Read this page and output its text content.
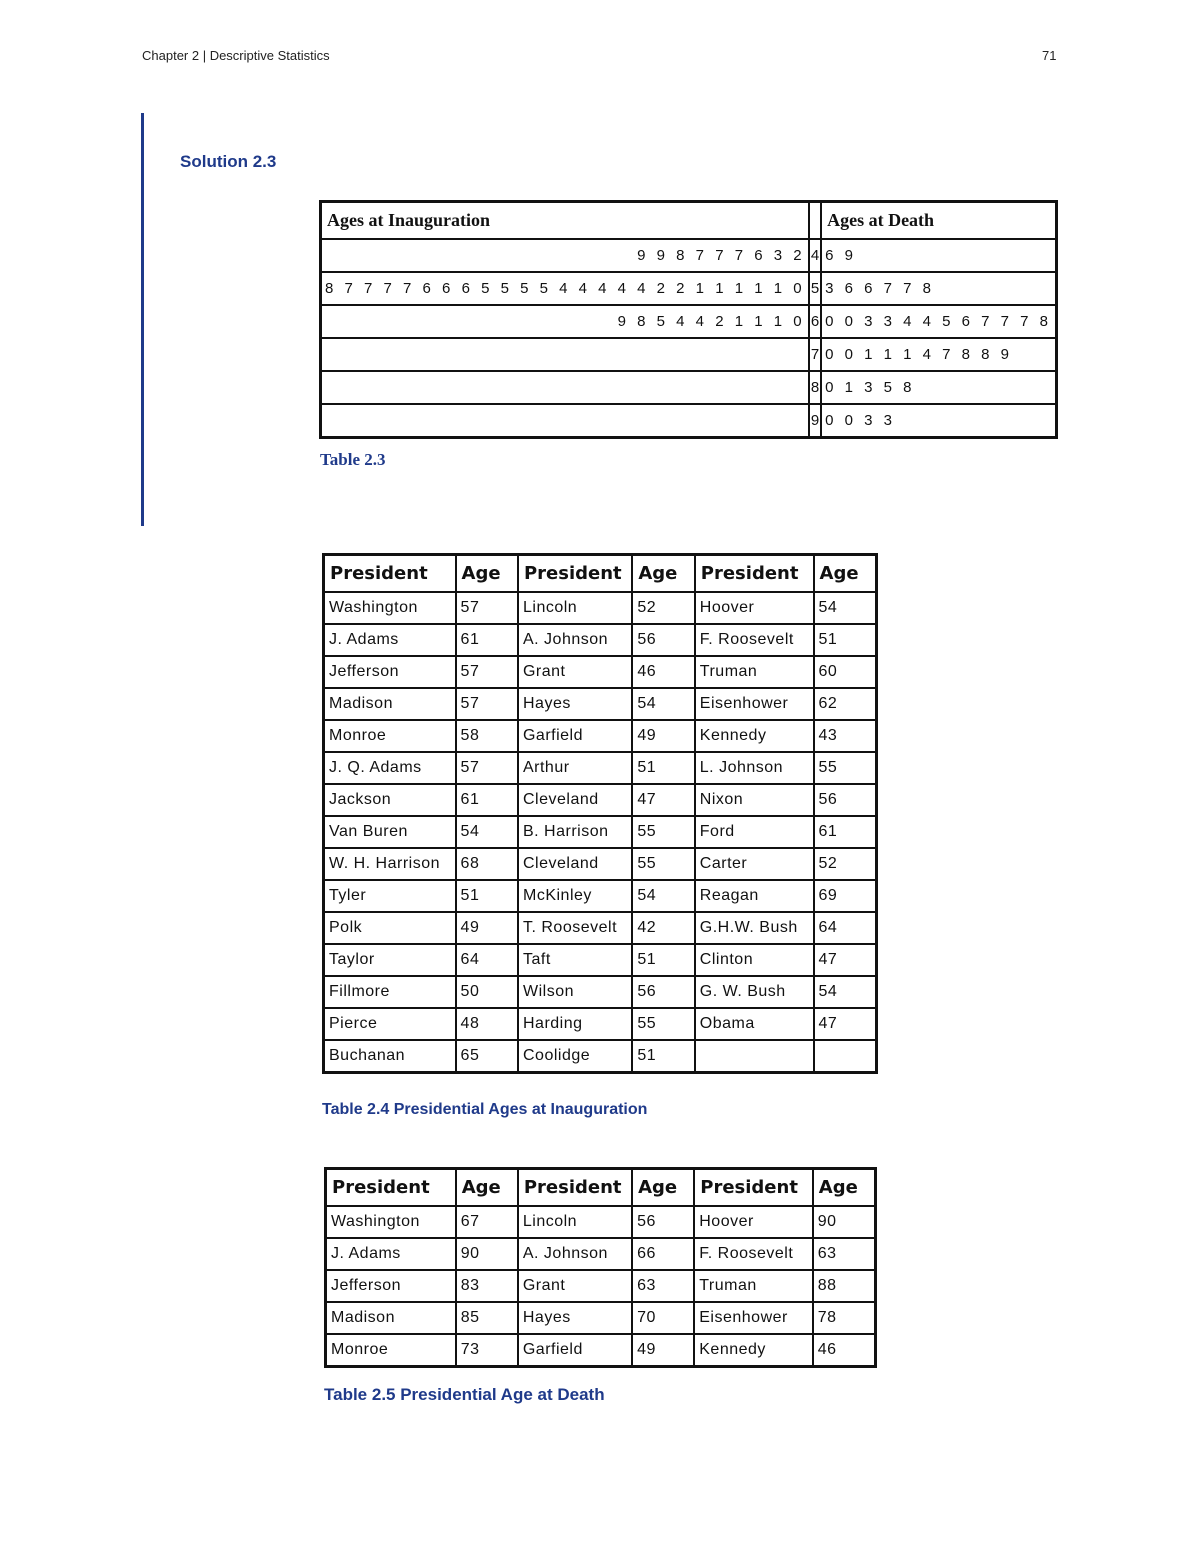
Chapter 2 | Descriptive Statistics	71
Solution 2.3
Ages at Inauguration		Ages at Death
9 9 8 7 7 7 6 3 2	4	6 9
8 7 7 7 7 6 6 6 5 5 5 5 4 4 4 4 4 2 2 1 1 1 1 1 0	5	3 6 6 7 7 8
9 8 5 4 4 2 1 1 1 0	6	0 0 3 3 4 4 5 6 7 7 7 8
	7	0 0 1 1 1 4 7 8 8 9
	8	0 1 3 5 8
	9	0 0 3 3
Table 2.3
President	Age	President	Age	President	Age
Washington	57	Lincoln	52	Hoover	54
J. Adams	61	A. Johnson	56	F. Roosevelt	51
Jefferson	57	Grant	46	Truman	60
Madison	57	Hayes	54	Eisenhower	62
Monroe	58	Garfield	49	Kennedy	43
J. Q. Adams	57	Arthur	51	L. Johnson	55
Jackson	61	Cleveland	47	Nixon	56
Van Buren	54	B. Harrison	55	Ford	61
W. H. Harrison	68	Cleveland	55	Carter	52
Tyler	51	McKinley	54	Reagan	69
Polk	49	T. Roosevelt	42	G.H.W. Bush	64
Taylor	64	Taft	51	Clinton	47
Fillmore	50	Wilson	56	G. W. Bush	54
Pierce	48	Harding	55	Obama	47
Buchanan	65	Coolidge	51		
Table 2.4 Presidential Ages at Inauguration
President	Age	President	Age	President	Age
Washington	67	Lincoln	56	Hoover	90
J. Adams	90	A. Johnson	66	F. Roosevelt	63
Jefferson	83	Grant	63	Truman	88
Madison	85	Hayes	70	Eisenhower	78
Monroe	73	Garfield	49	Kennedy	46
Table 2.5 Presidential Age at Death
